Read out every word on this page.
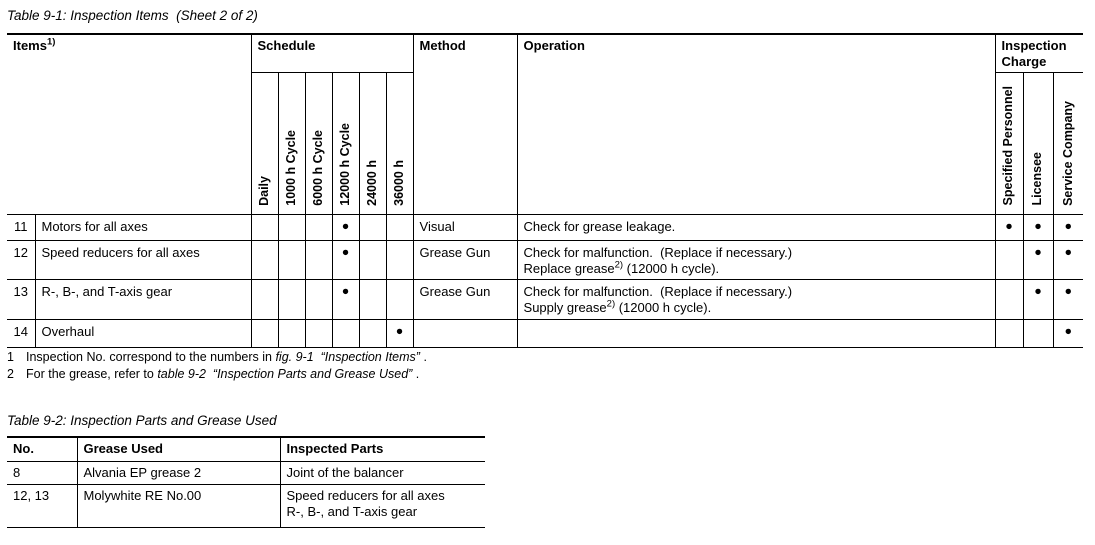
Table 9-1: Inspection Items  (Sheet 2 of 2)
Items$^{1)}$		Schedule						Method	Operation	Inspection Charge		
		Daily	1000 h Cycle	6000 h Cycle	12000 h Cycle	24000 h	36000 h			Specified Personnel	Licensee	Service Company
11	Motors for all axes				●			Visual	Check for grease leakage.	●	●	●
12	Speed reducers for all axes				●			Grease Gun	Check for malfunction.  (Replace if necessary.)
Replace grease$^{2)}$ (12000 h cycle).		●	●
13	R-, B-, and T-axis gear				●			Grease Gun	Check for malfunction.  (Replace if necessary.)
Supply grease$^{2)}$ (12000 h cycle).		●	●
14	Overhaul						●					●
1 Inspection No. correspond to the numbers in fig. 9-1  “Inspection Items” .
2 For the grease, refer to table 9-2  “Inspection Parts and Grease Used” .
Table 9-2: Inspection Parts and Grease Used
No.	Grease Used	Inspected Parts
8	Alvania EP grease 2	Joint of the balancer

12, 13	Molywhite RE No.00	Speed reducers for all axes
R-, B-, and T-axis gear
